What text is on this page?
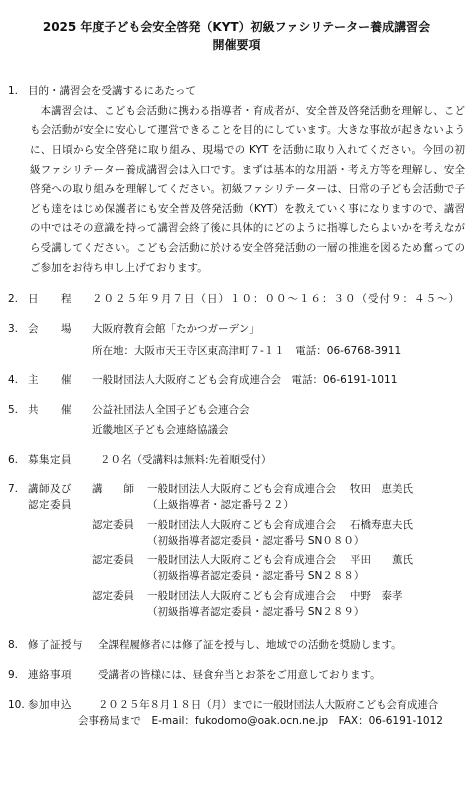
2025 年度子ども会安全啓発（KYT）初級ファシリテーター養成講習会
開催要項
1. 目的・講習会を受講するにあたって
本講習会は、こども会活動に携わる指導者・育成者が、安全普及啓発活動を理解し、こども会活動が安全に安心して運営できることを目的にしています。大きな事故が起きないように、日頃から安全啓発に取り組み、現場での KYT を活動に取り入れてください。今回の初級ファシリテーター養成講習会は入口です。まずは基本的な用語・考え方等を理解し、安全啓発への取り組みを理解してください。初級ファシリテーターは、日常の子ども会活動で子ども達をはじめ保護者にも安全普及啓発活動（KYT）を教えていく事になりますので、講習の中ではその意識を持って講習会終了後に具体的にどのように指導したらよいかを考えながら受講してください。こども会活動に於ける安全啓発活動の一層の推進を図るため奮ってのご参加をお待ち申し上げております。
2. 日　　程	２０２５年９月７日（日）１０：００～１６：３０（受付９：４５～）
3. 会　　場	大阪府教育会館「たかつガーデン」
所在地：大阪市天王寺区東高津町７-１１　電話：06-6768-3911
4. 主　　催	一般財団法人大阪府こども会育成連合会　電話：06-6191-1011
5. 共　　催	公益社団法人全国子ども会連合会
近畿地区子ども会連絡協議会
6. 募集定員	２０名（受講料は無料:先着順受付）
7. 講師及び
認定委員
講　　師	一般財団法人大阪府こども会育成連合会 牧田　恵美氏
（上級指導者・認定番号２２）
認定委員	一般財団法人大阪府こども会育成連合会 石橋寿恵夫氏
（初級指導者認定委員・認定番号 SN０８０）
認定委員	一般財団法人大阪府こども会育成連合会 平田　　薫氏
（初級指導者認定委員・認定番号 SN２８８）
認定委員	一般財団法人大阪府こども会育成連合会 中野　泰孝
（初級指導者認定委員・認定番号 SN２８９）
8. 修了証授与	全課程履修者には修了証を授与し、地域での活動を奨励します。
9. 連絡事項	受講者の皆様には、昼食弁当とお茶をご用意しております。
10. 参加申込	２０２５年８月１８日（月）までに一般財団法人大阪府こども会育成連合
会事務局まで　E-mail：fukodomo@oak.ocn.ne.jp　FAX：06-6191-1012
